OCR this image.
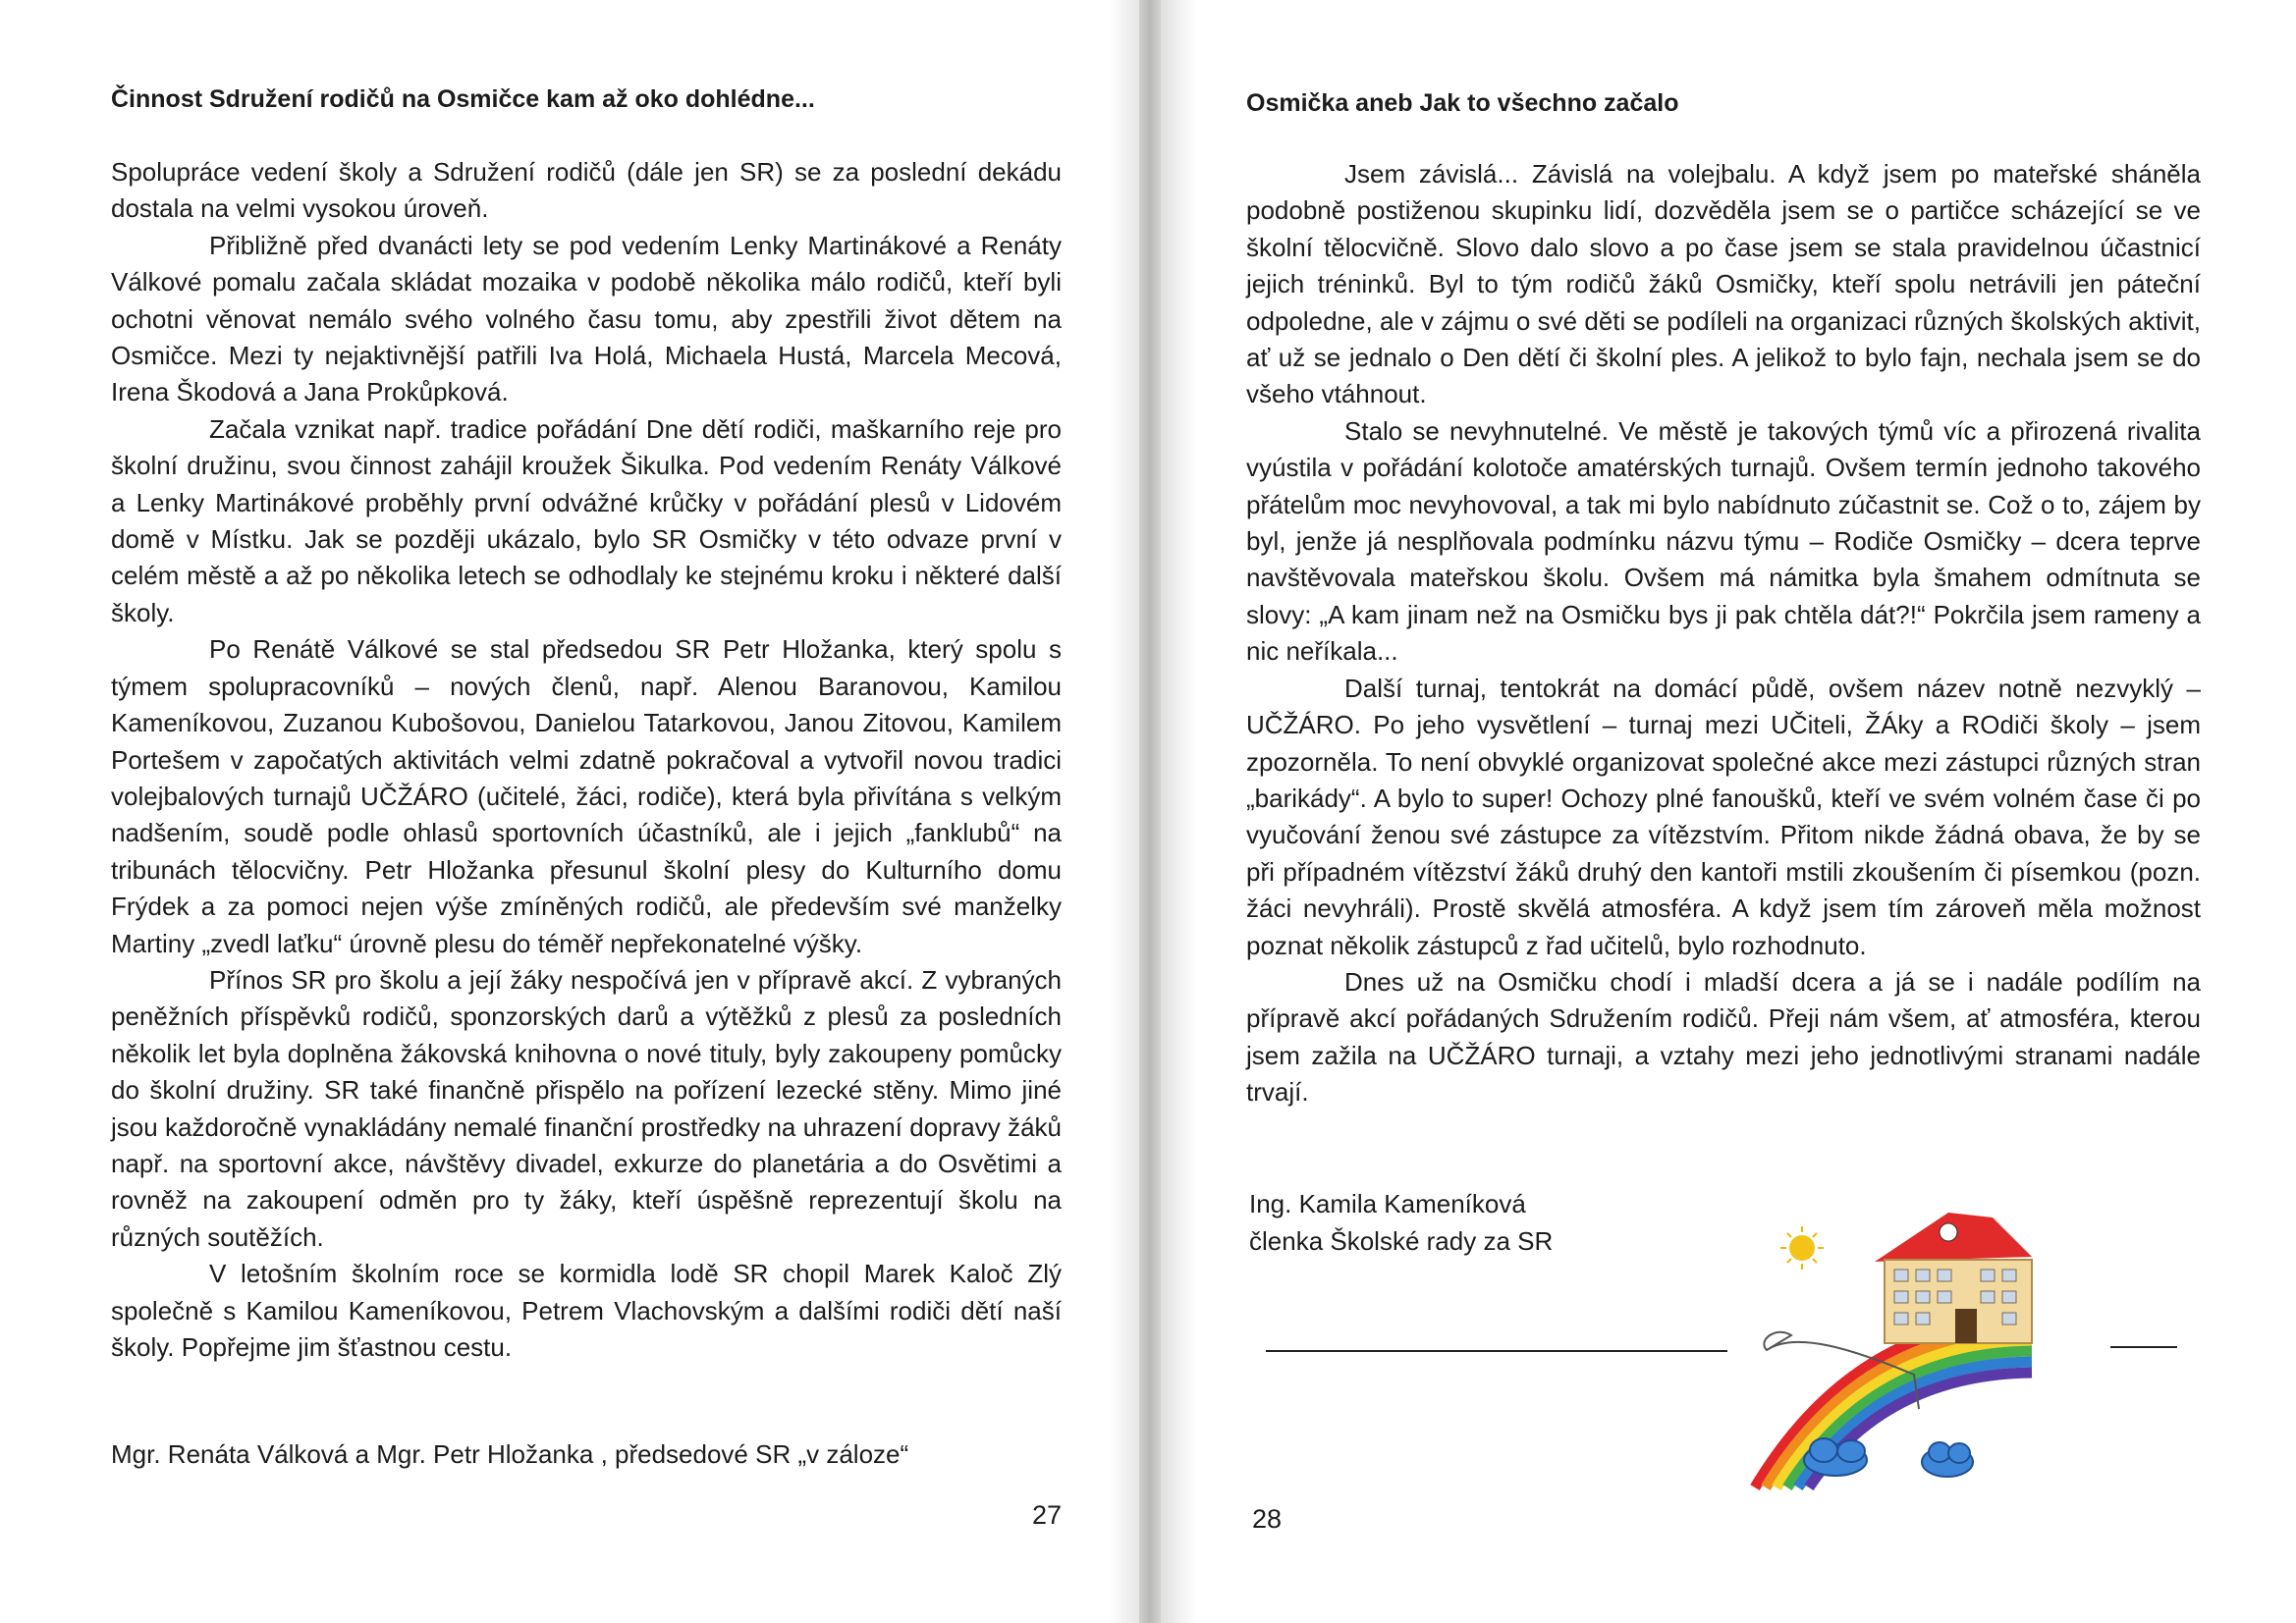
Činnost Sdružení rodičů na Osmičce kam až oko dohlédne...

Spolupráce vedení školy a Sdružení rodičů (dále jen SR) se za poslední dekádu dostala na velmi vysokou úroveň.

Přibližně před dvanácti lety se pod vedením Lenky Martinákové a Renáty Válkové pomalu začala skládat mozaika v podobě několika málo rodičů, kteří byli ochotni věnovat nemálo svého volného času tomu, aby zpestřili život dětem na Osmičce. Mezi ty nejaktivnější patřili Iva Holá, Michaela Hustá, Marcela Mecová, Irena Škodová a Jana Prokůpková.

Začala vznikat např. tradice pořádání Dne dětí rodiči, maškarního reje pro školní družinu, svou činnost zahájil kroužek Šikulka. Pod vedením Renáty Válkové a Lenky Martinákové proběhly první odvážné krůčky v pořádání plesů v Lidovém domě v Místku. Jak se později ukázalo, bylo SR Osmičky v této odvaze první v celém městě a až po několika letech se odhodlaly ke stejnému kroku i některé další školy.

Po Renátě Válkové se stal předsedou SR Petr Hložanka, který spolu s týmem spolupracovníků – nových členů, např. Alenou Baranovou, Kamilou Kameníkovou, Zuzanou Kubošovou, Danielou Tatarkovou, Janou Zitovou, Kamilem Portešem v započatých aktivitách velmi zdatně pokračoval a vytvořil novou tradici volejbalových turnajů UČŽÁRO (učitelé, žáci, rodiče), která byla přivítána s velkým nadšením, soudě podle ohlasů sportovních účastníků, ale i jejich „fanklubů“ na tribunách tělocvičny. Petr Hložanka přesunul školní plesy do Kulturního domu Frýdek a za pomoci nejen výše zmíněných rodičů, ale především své manželky Martiny „zvedl laťku“ úrovně plesu do téměř nepřekonatelné výšky.

Přínos SR pro školu a její žáky nespočívá jen v přípravě akcí. Z vybraných peněžních příspěvků rodičů, sponzorských darů a výtěžků z plesů za posledních několik let byla doplněna žákovská knihovna o nové tituly, byly zakoupeny pomůcky do školní družiny. SR také finančně přispělo na pořízení lezecké stěny. Mimo jiné jsou každoročně vynakládány nemalé finanční prostředky na uhrazení dopravy žáků např. na sportovní akce, návštěvy divadel, exkurze do planetária a do Osvětimi a rovněž na zakoupení odměn pro ty žáky, kteří úspěšně reprezentují školu na různých soutěžích.

V letošním školním roce se kormidla lodě SR chopil Marek Kaloč Zlý společně s Kamilou Kameníkovou, Petrem Vlachovským a dalšími rodiči dětí naší školy. Popřejme jim šťastnou cestu.

Mgr. Renáta Válková a Mgr. Petr Hložanka , předsedové SR „v záloze“
27
Osmička aneb Jak to všechno začalo

Jsem závislá... Závislá na volejbalu. A když jsem po mateřské sháněla podobně postiženou skupinku lidí, dozvěděla jsem se o partičce scházející se ve školní tělocvičně. Slovo dalo slovo a po čase jsem se stala pravidelnou účastnicí jejich tréninků. Byl to tým rodičů žáků Osmičky, kteří spolu netrávili jen páteční odpoledne, ale v zájmu o své děti se podíleli na organizaci různých školských aktivit, ať už se jednalo o Den dětí či školní ples. A jelikož to bylo fajn, nechala jsem se do všeho vtáhnout.

Stalo se nevyhnutelné. Ve městě je takových týmů víc a přirozená rivalita vyústila v pořádání kolotoče amatérských turnajů. Ovšem termín jednoho takového přátelům moc nevyhovoval, a tak mi bylo nabídnuto zúčastnit se. Což o to, zájem by byl, jenže já nesplňovala podmínku názvu týmu – Rodiče Osmičky – dcera teprve navštěvovala mateřskou školu. Ovšem má námitka byla šmahem odmítnuta se slovy: „A kam jinam než na Osmičku bys ji pak chtěla dát?!“ Pokrčila jsem rameny a nic neříkala...

Další turnaj, tentokrát na domácí půdě, ovšem název notně nezvyklý – UČŽÁRO. Po jeho vysvětlení – turnaj mezi UČiteli, ŽÁky a ROdiči školy – jsem zpozorněla. To není obvyklé organizovat společné akce mezi zástupci různých stran „barikády“. A bylo to super! Ochozy plné fanoušků, kteří ve svém volném čase či po vyučování ženou své zástupce za vítězstvím. Přitom nikde žádná obava, že by se při případném vítězství žáků druhý den kantoři mstili zkoušením či písemkou (pozn. žáci nevyhráli). Prostě skvělá atmosféra. A když jsem tím zároveň měla možnost poznat několik zástupců z řad učitelů, bylo rozhodnuto.

Dnes už na Osmičku chodí i mladší dcera a já se i nadále podílím na přípravě akcí pořádaných Sdružením rodičů. Přeji nám všem, ať atmosféra, kterou jsem zažila na UČŽÁRO turnaji, a vztahy mezi jeho jednotlivými stranami nadále trvají.

Ing. Kamila Kameníková
členka Školské rady za SR
28
